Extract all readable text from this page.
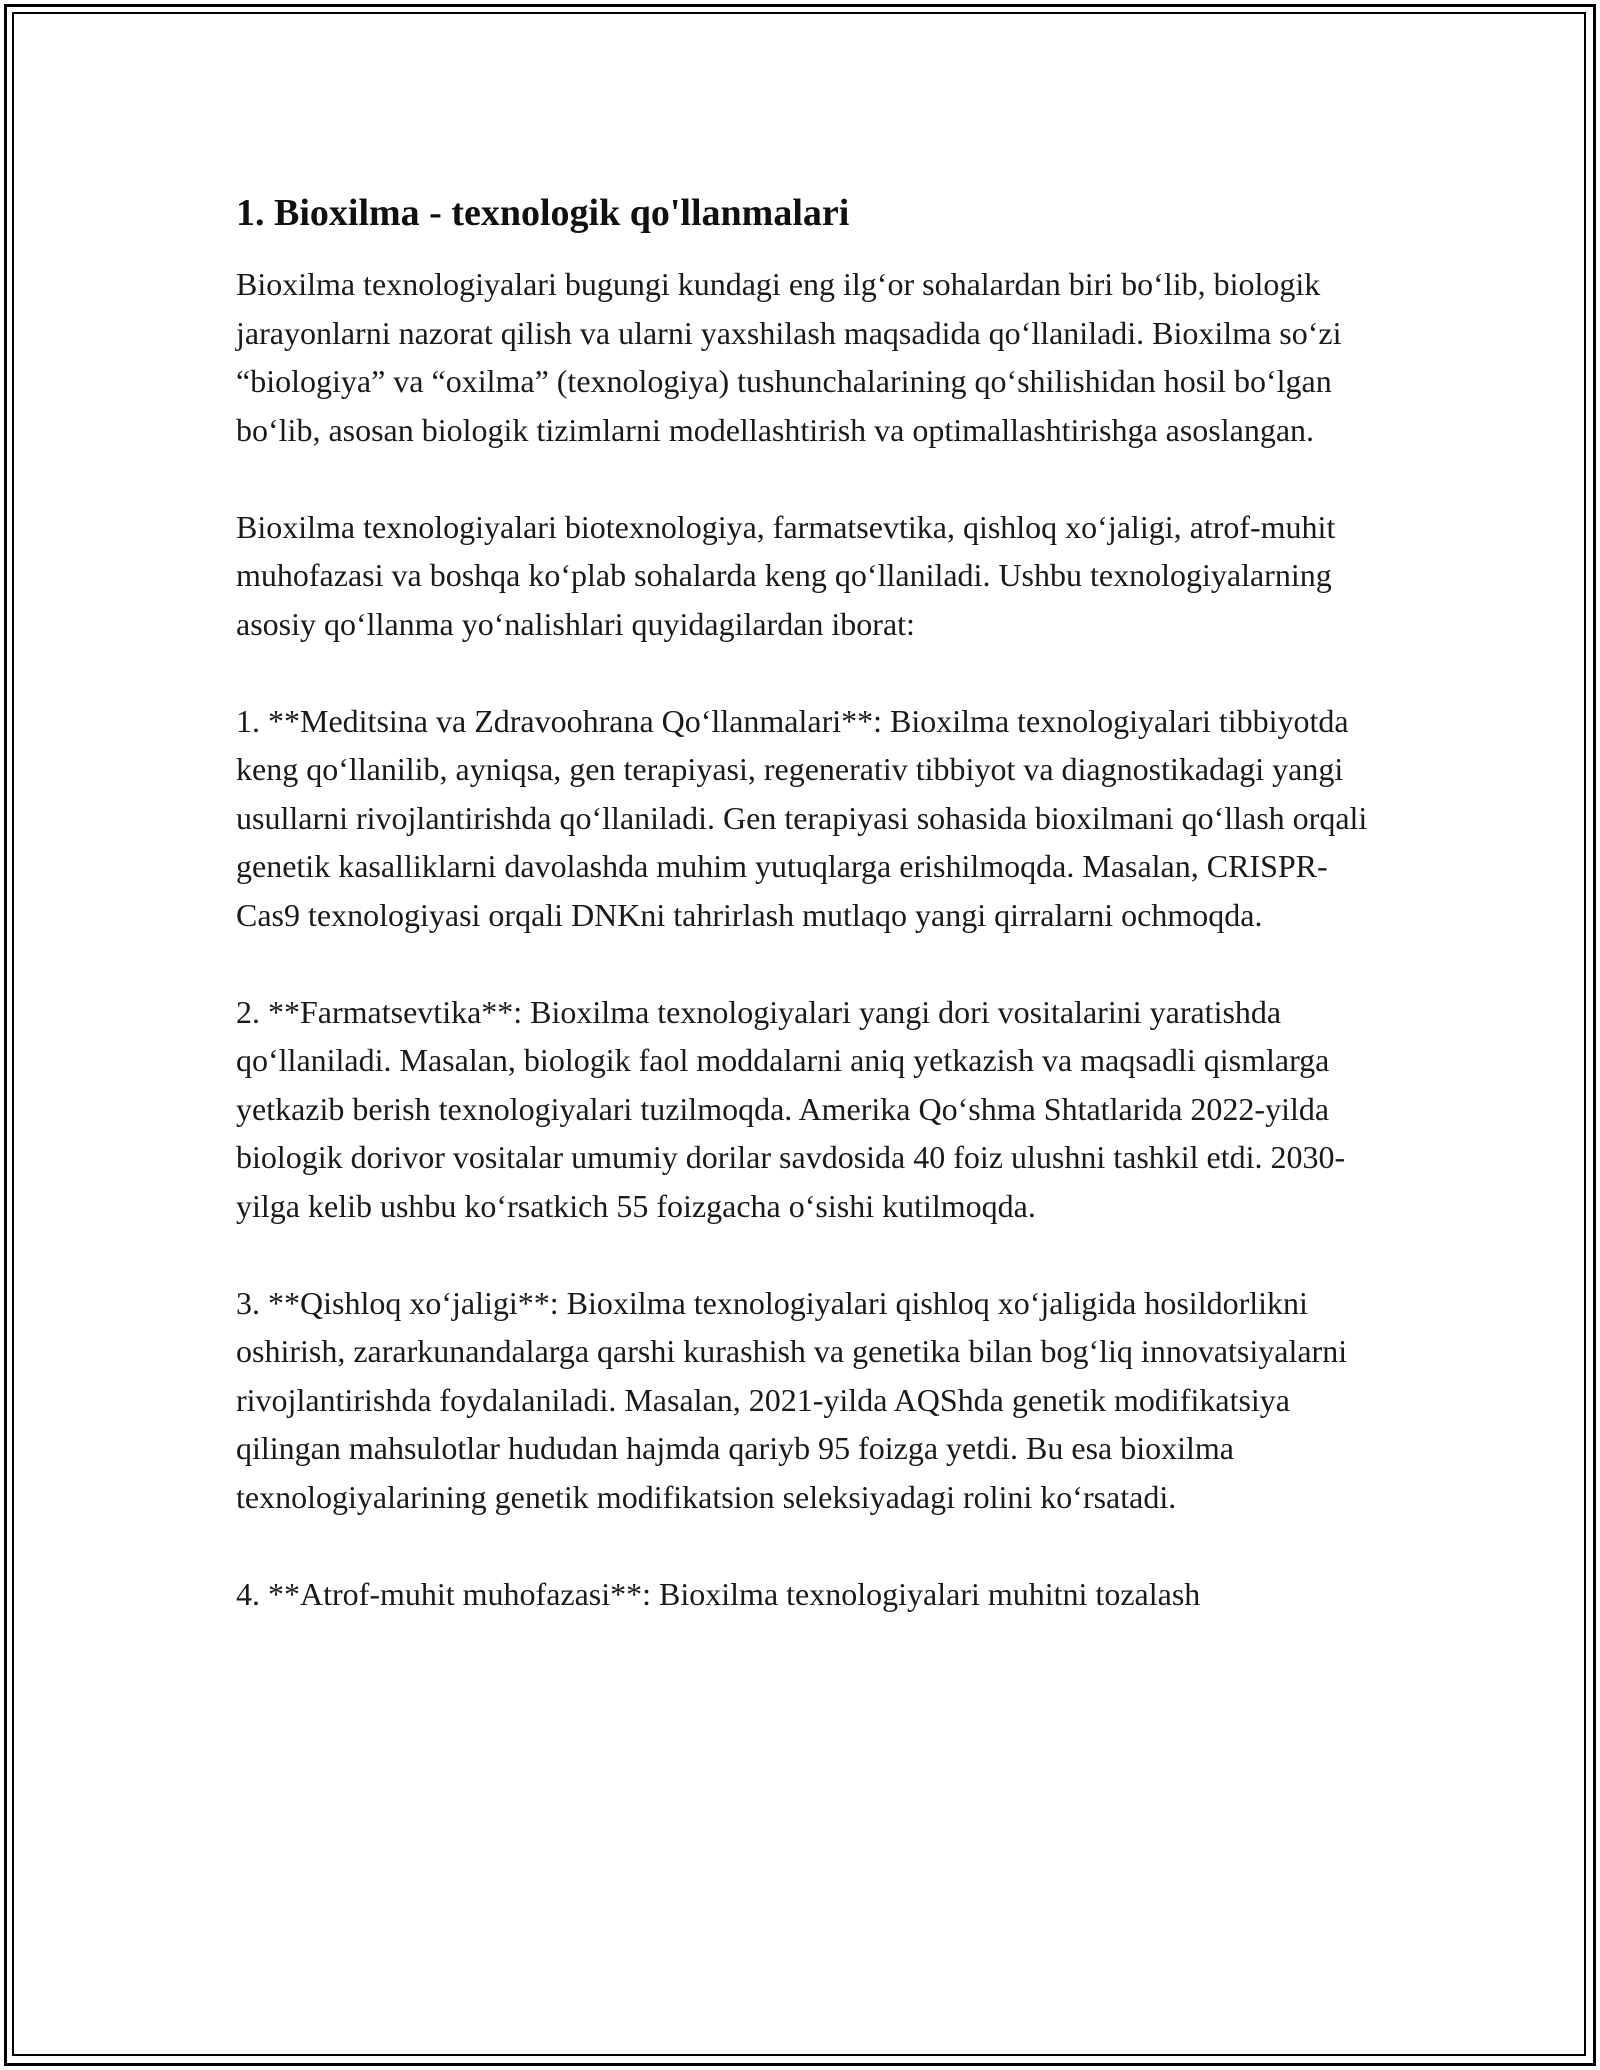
1. Bioxilma - texnologik qo'llanmalari

Bioxilma texnologiyalari bugungi kundagi eng ilg‘or sohalardan biri bo‘lib, biologik jarayonlarni nazorat qilish va ularni yaxshilash maqsadida qo‘llaniladi. Bioxilma so‘zi “biologiya” va “oxilma” (texnologiya) tushunchalarining qo‘shilishidan hosil bo‘lgan bo‘lib, asosan biologik tizimlarni modellashtirish va optimallashtirishga asoslangan.

Bioxilma texnologiyalari biotexnologiya, farmatsevtika, qishloq xo‘jaligi, atrof-muhit muhofazasi va boshqa ko‘plab sohalarda keng qo‘llaniladi. Ushbu texnologiyalarning asosiy qo‘llanma yo‘nalishlari quyidagilardan iborat:

1. **Meditsina va Zdravoohrana Qo‘llanmalari**: Bioxilma texnologiyalari tibbiyotda keng qo‘llanilib, ayniqsa, gen terapiyasi, regenerativ tibbiyot va diagnostikadagi yangi usullarni rivojlantirishda qo‘llaniladi. Gen terapiyasi sohasida bioxilmani qo‘llash orqali genetik kasalliklarni davolashda muhim yutuqlarga erishilmoqda. Masalan, CRISPR-Cas9 texnologiyasi orqali DNKni tahrirlash mutlaqo yangi qirralarni ochmoqda.

2. **Farmatsevtika**: Bioxilma texnologiyalari yangi dori vositalarini yaratishda qo‘llaniladi. Masalan, biologik faol moddalarni aniq yetkazish va maqsadli qismlarga yetkazib berish texnologiyalari tuzilmoqda. Amerika Qo‘shma Shtatlarida 2022-yilda biologik dorivor vositalar umumiy dorilar savdosida 40 foiz ulushni tashkil etdi. 2030-yilga kelib ushbu ko‘rsatkich 55 foizgacha o‘sishi kutilmoqda.

3. **Qishloq xo‘jaligi**: Bioxilma texnologiyalari qishloq xo‘jaligida hosildorlikni oshirish, zararkunandalarga qarshi kurashish va genetika bilan bog‘liq innovatsiyalarni rivojlantirishda foydalaniladi. Masalan, 2021-yilda AQShda genetik modifikatsiya qilingan mahsulotlar hududan hajmda qariyb 95 foizga yetdi. Bu esa bioxilma texnologiyalarining genetik modifikatsion seleksiyadagi rolini ko‘rsatadi.

4. **Atrof-muhit muhofazasi**: Bioxilma texnologiyalari muhitni tozalash
